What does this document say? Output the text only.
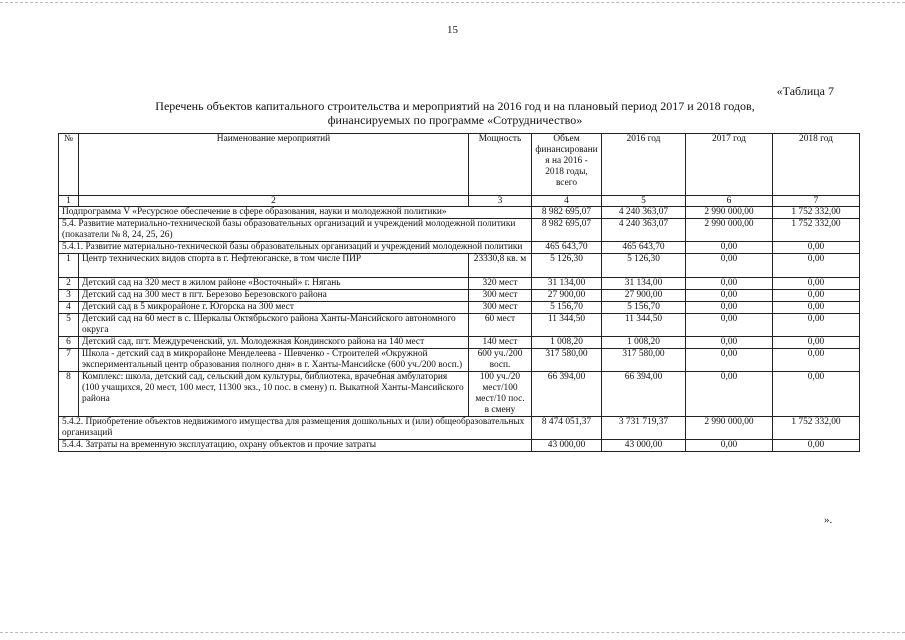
15
«Таблица 7
Перечень объектов капитального строительства и мероприятий на 2016 год и на плановый период 2017 и 2018 годов,
финансируемых по программе «Сотрудничество»
№	Наименование мероприятий	Мощность	Объем финансировани я на 2016 - 2018 годы, всего	2016 год	2017 год	2018 год
1	2	3	4	5	6	7
Подпрограмма V «Ресурсное обеспечение в сфере образования, науки и молодежной политики»			8 982 695,07	4 240 363,07	2 990 000,00	1 752 332,00
5.4. Развитие материально-технической базы образовательных организаций и учреждений молодежной политики (показатели № 8, 24, 25, 26)			8 982 695,07	4 240 363,07	2 990 000,00	1 752 332,00
5.4.1. Развитие материально-технической базы образовательных организаций и учреждений молодежной политики			465 643,70	465 643,70	0,00	0,00
1	Центр технических видов спорта в г. Нефтеюганске, в том числе ПИР	23330,8 кв. м	5 126,30	5 126,30	0,00	0,00
2	Детский сад на 320 мест в жилом районе «Восточный» г. Нягань	320 мест	31 134,00	31 134,00	0,00	0,00
3	Детский сад на 300 мест в пгт. Березово Березовского района	300 мест	27 900,00	27 900,00	0,00	0,00
4	Детский сад в 5 микрорайоне г. Югорска на 300 мест	300 мест	5 156,70	5 156,70	0,00	0,00
5	Детский сад на 60 мест в с. Шеркалы Октябрьского района Ханты-Мансийского автономного округа	60 мест	11 344,50	11 344,50	0,00	0,00
6	Детский сад, пгт. Междуреченский, ул. Молодежная Кондинского района на 140 мест	140 мест	1 008,20	1 008,20	0,00	0,00
7	Школа - детский сад в микрорайоне Менделеева - Шевченко - Строителей «Окружной экспериментальный центр образования полного дня» в г. Ханты-Мансийске (600 уч./200 восп.)	600 уч./200 восп.	317 580,00	317 580,00	0,00	0,00
8	Комплекс: школа, детский сад, сельский дом культуры, библиотека, врачебная амбулатория (100 учащихся, 20 мест, 100 мест, 11300 экз., 10 пос. в смену) п. Выкатной Ханты-Мансийского района	100 уч./20 мест/100 мест/10 пос. в смену	66 394,00	66 394,00	0,00	0,00
5.4.2. Приобретение объектов недвижимого имущества для размещения дошкольных и (или) общеобразовательных организаций			8 474 051,37	3 731 719,37	2 990 000,00	1 752 332,00
5.4.4. Затраты на временную эксплуатацию, охрану объектов и прочие затраты			43 000,00	43 000,00	0,00	0,00
».
